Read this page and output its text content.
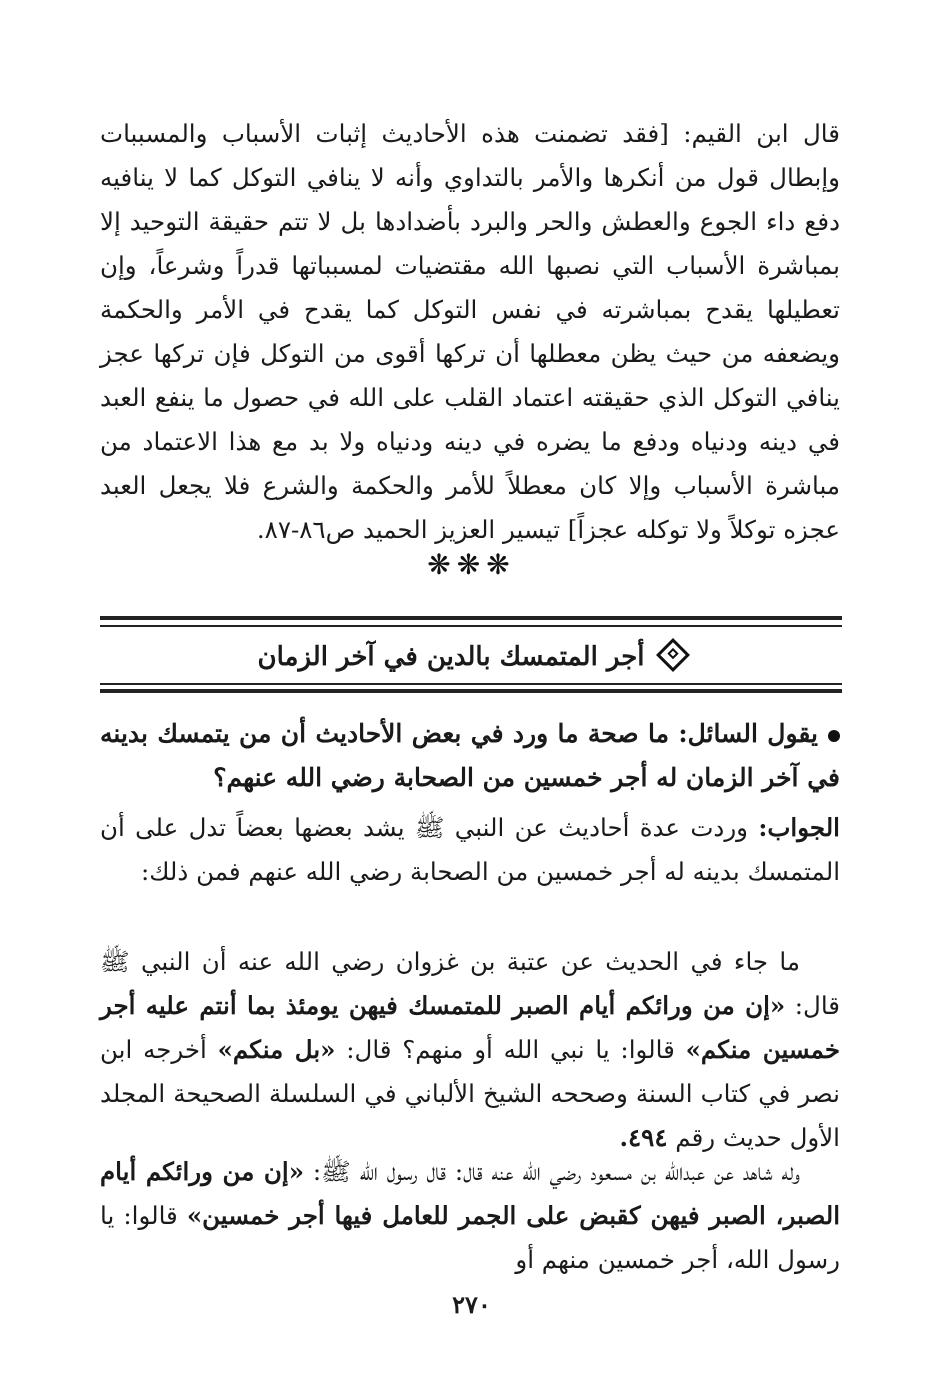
قال ابن القيم: [فقد تضمنت هذه الأحاديث إثبات الأسباب والمسببات وإبطال قول من أنكرها والأمر بالتداوي وأنه لا ينافي التوكل كما لا ينافيه دفع داء الجوع والعطش والحر والبرد بأضدادها بل لا تتم حقيقة التوحيد إلا بمباشرة الأسباب التي نصبها الله مقتضيات لمسبباتها قدراً وشرعاً، وإن تعطيلها يقدح بمباشرته في نفس التوكل كما يقدح في الأمر والحكمة ويضعفه من حيث يظن معطلها أن تركها أقوى من التوكل فإن تركها عجز ينافي التوكل الذي حقيقته اعتماد القلب على الله في حصول ما ينفع العبد في دينه ودنياه ودفع ما يضره في دينه ودنياه ولا بد مع هذا الاعتماد من مباشرة الأسباب وإلا كان معطلاً للأمر والحكمة والشرع فلا يجعل العبد عجزه توكلاً ولا توكله عجزاً] تيسير العزيز الحميد ص٨٦-٨٧.

❋❋❋
أجر المتمسك بالدين في آخر الزمان

يقول السائل: ما صحة ما ورد في بعض الأحاديث أن من يتمسك بدينه في آخر الزمان له أجر خمسين من الصحابة رضي الله عنهم؟

الجواب: وردت عدة أحاديث عن النبي ﷺ يشد بعضها بعضاً تدل على أن المتمسك بدينه له أجر خمسين من الصحابة رضي الله عنهم فمن ذلك:

ما جاء في الحديث عن عتبة بن غزوان رضي الله عنه أن النبي ﷺ قال: «إن من ورائكم أيام الصبر للمتمسك فيهن يومئذ بما أنتم عليه أجر خمسين منكم» قالوا: يا نبي الله أو منهم؟ قال: «بل منكم» أخرجه ابن نصر في كتاب السنة وصححه الشيخ الألباني في السلسلة الصحيحة المجلد الأول حديث رقم ٤٩٤.

وله شاهد عن عبدالله بن مسعود رضي الله عنه قال: قال رسول الله ﷺ: «إن من ورائكم أيام الصبر، الصبر فيهن كقبض على الجمر للعامل فيها أجر خمسين» قالوا: يا رسول الله، أجر خمسين منهم أو

٢٧٠
